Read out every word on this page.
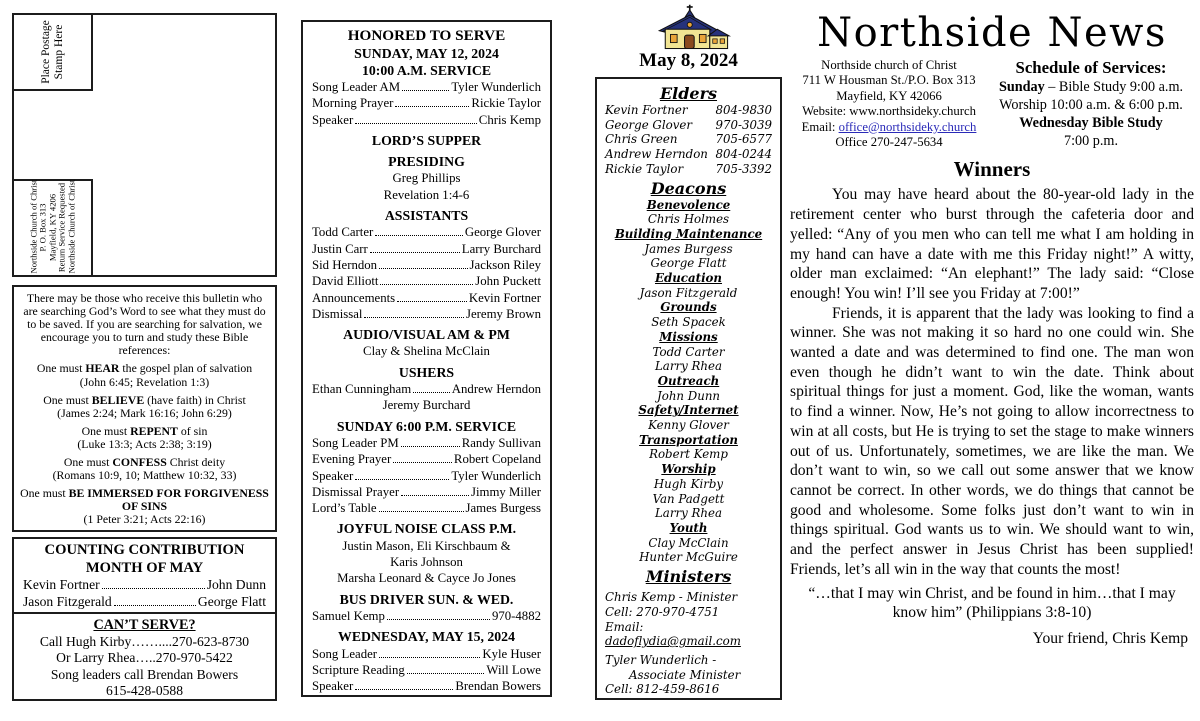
Place Postage Stamp Here
Northside Church of Christ P. O. Box 313 Mayfield, KY 4206 Return Service Requested Northside Church of Christ
There may be those who receive this bulletin who are searching God’s Word to see what they must do to be saved. If you are searching for salvation, we encourage you to turn and study these Bible references:
One must HEAR the gospel plan of salvation
(John 6:45; Revelation 1:3)
One must BELIEVE (have faith) in Christ
(James 2:24; Mark 16:16; John 6:29)
One must REPENT of sin
(Luke 13:3; Acts 2:38; 3:19)
One must CONFESS Christ deity
(Romans 10:9, 10; Matthew 10:32, 33)
One must BE IMMERSED FOR FORGIVENESS OF SINS
(1 Peter 3:21; Acts 22:16)
COUNTING CONTRIBUTION
MONTH OF MAY
Kevin Fortner	John Dunn
Jason Fitzgerald	George Flatt
CAN’T SERVE?
Call Hugh Kirby……....270-623-8730
Or Larry Rhea…..270-970-5422
Song leaders call Brendan Bowers
615-428-0588
HONORED TO SERVE
SUNDAY, MAY 12, 2024
10:00 A.M. SERVICE
Song Leader AM	Tyler Wunderlich
Morning Prayer	Rickie Taylor
Speaker	Chris Kemp
LORD’S SUPPER
PRESIDING
Greg Phillips
Revelation 1:4-6
ASSISTANTS
Todd Carter	George Glover
Justin Carr	Larry Burchard
Sid Herndon	Jackson Riley
David Elliott	John Puckett
Announcements	Kevin Fortner
Dismissal	Jeremy Brown
AUDIO/VISUAL AM & PM
Clay & Shelina McClain
USHERS
Ethan Cunningham	Andrew Herndon
Jeremy Burchard
SUNDAY 6:00 P.M. SERVICE
Song Leader PM	Randy Sullivan
Evening Prayer	Robert Copeland
Speaker	Tyler Wunderlich
Dismissal Prayer	Jimmy Miller
Lord’s Table	James Burgess
JOYFUL NOISE CLASS P.M.
Justin Mason, Eli Kirschbaum &
Karis Johnson
Marsha Leonard & Cayce Jo Jones
BUS DRIVER SUN. & WED.
Samuel Kemp	970-4882
WEDNESDAY, MAY 15, 2024
Song Leader	Kyle Huser
Scripture Reading	Will Lowe
Speaker	Brendan Bowers
May 8, 2024
Elders
Kevin Fortner 804-9830
George Glover 970-3039
Chris Green	705-6577
Andrew Herndon 804-0244
Rickie Taylor	705-3392
Deacons
Benevolence
Chris Holmes
Building Maintenance
James Burgess
George Flatt
Education
Jason Fitzgerald
Grounds
Seth Spacek
Missions
Todd Carter
Larry Rhea
Outreach
John Dunn
Safety/Internet
Kenny Glover
Transportation
Robert Kemp
Worship
Hugh Kirby
Van Padgett
Larry Rhea
Youth
Clay McClain
Hunter McGuire
Ministers
Chris Kemp - Minister
Cell: 270-970-4751
Email: dadoflydia@gmail.com
Tyler Wunderlich -
Associate Minister
Cell: 812-459-8616
Northside News
Northside church of Christ
711 W Housman St./P.O. Box 313
Mayfield, KY 42066
Website: www.northsideky.church
Email: office@northsideky.church
Office 270-247-5634
Schedule of Services:
Sunday – Bible Study 9:00 a.m.
Worship 10:00 a.m. & 6:00 p.m.
Wednesday Bible Study
7:00 p.m.
Winners

You may have heard about the 80-year-old lady in the retirement center who burst through the cafeteria door and yelled: “Any of you men who can tell me what I am holding in my hand can have a date with me this Friday night!” A witty, older man exclaimed: “An elephant!” The lady said: “Close enough! You win! I’ll see you Friday at 7:00!”

Friends, it is apparent that the lady was looking to find a winner. She was not making it so hard no one could win. She wanted a date and was determined to find one. The man won even though he didn’t want to win the date. Think about spiritual things for just a moment. God, like the woman, wants to find a winner. Now, He’s not going to allow incorrectness to win at all costs, but He is trying to set the stage to make winners out of us. Unfortunately, sometimes, we are like the man. We don’t want to win, so we call out some answer that we know cannot be correct. In other words, we do things that cannot be good and wholesome. Some folks just don’t want to win in things spiritual. God wants us to win. We should want to win, and the perfect answer in Jesus Christ has been supplied! Friends, let’s all win in the way that counts the most!

“…that I may win Christ, and be found in him…that I may know him” (Philippians 3:8-10)
Your friend, Chris Kemp
